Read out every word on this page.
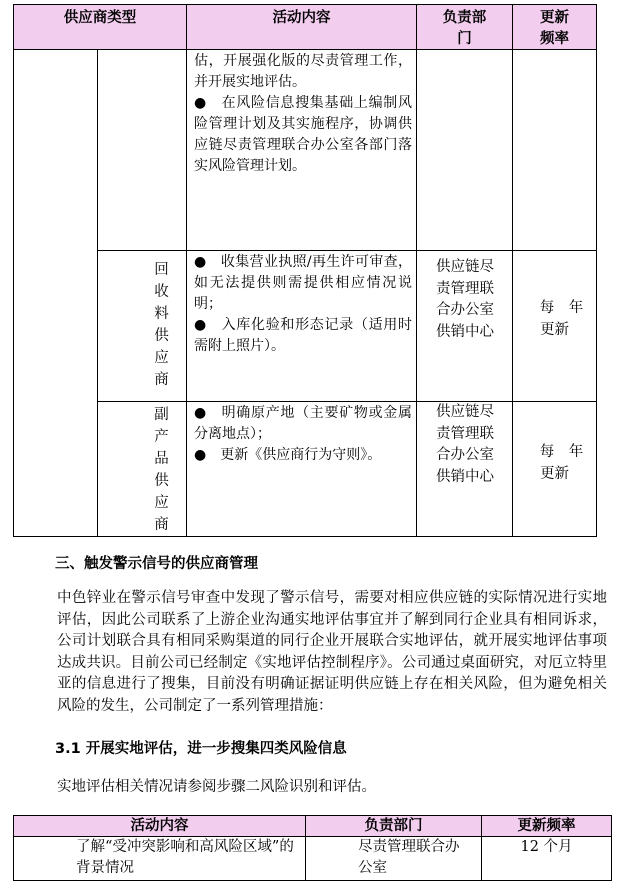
供应商类型		活动内容	负责部
门	更新
频率
		估，开展强化版的尽责管理工作，并开展实地评估。
●　在风险信息搜集基础上编制风险管理计划及其实施程序，协调供应链尽责管理联合办公室各部门落实风险管理计划。		

	回收料供应商	●　收集营业执照/再生许可审查，如无法提供则需提供相应情况说明；
●　入库化验和形态记录（适用时需附上照片）。	供应链尽责管理联合办公室供销中心	每　年
更新

	副产品供应商	●　明确原产地（主要矿物或金属分离地点）；
●　更新《供应商行为守则》。	供应链尽责管理联合办公室供销中心	每　年
更新
三、触发警示信号的供应商管理
中色锌业在警示信号审查中发现了警示信号，需要对相应供应链的实际情况进行实地评估，因此公司联系了上游企业沟通实地评估事宜并了解到同行企业具有相同诉求，公司计划联合具有相同采购渠道的同行企业开展联合实地评估，就开展实地评估事项达成共识。目前公司已经制定《实地评估控制程序》。公司通过桌面研究，对厄立特里亚的信息进行了搜集，目前没有明确证据证明供应链上存在相关风险，但为避免相关风险的发生，公司制定了一系列管理措施：
3.1 开展实地评估，进一步搜集四类风险信息
实地评估相关情况请参阅步骤二风险识别和评估。
活动内容	负责部门	更新频率
了解“受冲突影响和高风险区域”的背景情况	尽责管理联合办公室	12 个月
